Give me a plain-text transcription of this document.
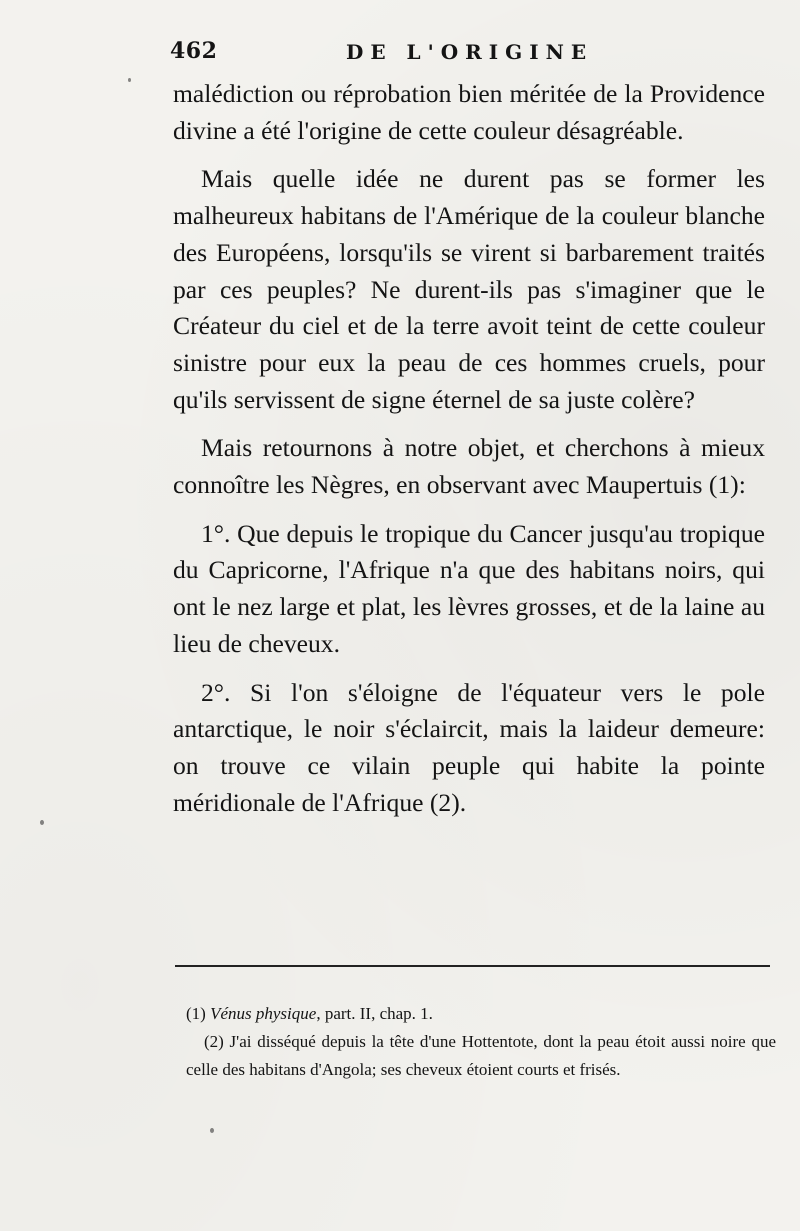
462	DE L'ORIGINE

malédiction ou réprobation bien méritée de la Providence divine a été l'origine de cette couleur désagréable.

Mais quelle idée ne durent pas se former les malheureux habitans de l'Amérique de la couleur blanche des Européens, lorsqu'ils se virent si barbarement traités par ces peuples? Ne durent-ils pas s'imaginer que le Créateur du ciel et de la terre avoit teint de cette couleur sinistre pour eux la peau de ces hommes cruels, pour qu'ils servissent de signe éternel de sa juste colère?

Mais retournons à notre objet, et cherchons à mieux connoître les Nègres, en observant avec Maupertuis (1):

1°. Que depuis le tropique du Cancer jusqu'au tropique du Capricorne, l'Afrique n'a que des habitans noirs, qui ont le nez large et plat, les lèvres grosses, et de la laine au lieu de cheveux.

2°. Si l'on s'éloigne de l'équateur vers le pole antarctique, le noir s'éclaircit, mais la laideur demeure: on trouve ce vilain peuple qui habite la pointe méridionale de l'Afrique (2).

(1) Vénus physique, part. II, chap. 1.

(2) J'ai disséqué depuis la tête d'une Hottentote, dont la peau étoit aussi noire que celle des habitans d'Angola; ses cheveux étoient courts et frisés.
